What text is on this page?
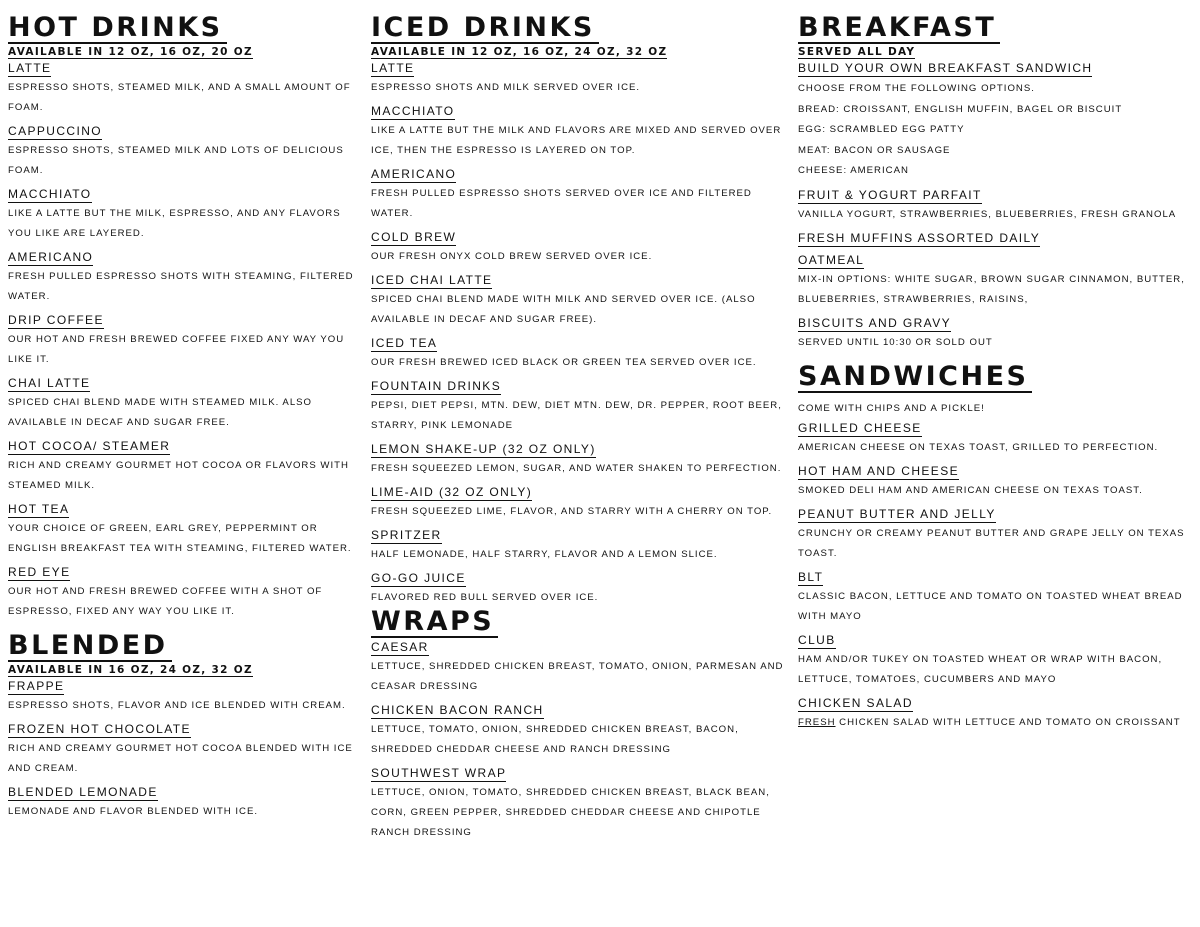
HOT DRINKS
AVAILABLE IN 12 OZ, 16 OZ, 20 OZ
LATTE
ESPRESSO SHOTS, STEAMED MILK, AND A SMALL AMOUNT OF FOAM.
CAPPUCCINO
ESPRESSO SHOTS, STEAMED MILK AND LOTS OF DELICIOUS FOAM.
MACCHIATO
LIKE A LATTE BUT THE MILK, ESPRESSO, AND ANY FLAVORS YOU LIKE ARE LAYERED.
AMERICANO
FRESH PULLED ESPRESSO SHOTS WITH STEAMING, FILTERED WATER.
DRIP COFFEE
OUR HOT AND FRESH BREWED COFFEE FIXED ANY WAY YOU LIKE IT.
CHAI LATTE
SPICED CHAI BLEND MADE WITH STEAMED MILK. ALSO AVAILABLE IN DECAF AND SUGAR FREE.
HOT COCOA/ STEAMER
RICH AND CREAMY GOURMET HOT COCOA OR FLAVORS WITH STEAMED MILK.
HOT TEA
YOUR CHOICE OF GREEN, EARL GREY, PEPPERMINT OR ENGLISH BREAKFAST TEA WITH STEAMING, FILTERED WATER.
RED EYE
OUR HOT AND FRESH BREWED COFFEE WITH A SHOT OF ESPRESSO, FIXED ANY WAY YOU LIKE IT.
BLENDED
AVAILABLE IN 16 OZ, 24 OZ, 32 OZ
FRAPPE
ESPRESSO SHOTS, FLAVOR AND ICE BLENDED WITH CREAM.
FROZEN HOT CHOCOLATE
RICH AND CREAMY GOURMET HOT COCOA BLENDED WITH ICE AND CREAM.
BLENDED LEMONADE
LEMONADE AND FLAVOR BLENDED WITH ICE.
ICED DRINKS
AVAILABLE IN 12 OZ, 16 OZ, 24 OZ, 32 OZ
LATTE
ESPRESSO SHOTS AND MILK SERVED OVER ICE.
MACCHIATO
LIKE A LATTE BUT THE MILK AND FLAVORS ARE MIXED AND SERVED OVER ICE, THEN THE ESPRESSO IS LAYERED ON TOP.
AMERICANO
FRESH PULLED ESPRESSO SHOTS SERVED OVER ICE AND FILTERED WATER.
COLD BREW
OUR FRESH ONYX COLD BREW SERVED OVER ICE.
ICED CHAI LATTE
SPICED CHAI BLEND MADE WITH MILK AND SERVED OVER ICE. (ALSO AVAILABLE IN DECAF AND SUGAR FREE).
ICED TEA
OUR FRESH BREWED ICED BLACK OR GREEN TEA SERVED OVER ICE.
FOUNTAIN DRINKS
PEPSI, DIET PEPSI, MTN. DEW, DIET MTN. DEW, DR. PEPPER, ROOT BEER, STARRY, PINK LEMONADE
LEMON SHAKE-UP (32 OZ ONLY)
FRESH SQUEEZED LEMON, SUGAR, AND WATER SHAKEN TO PERFECTION.
LIME-AID (32 OZ ONLY)
FRESH SQUEEZED LIME, FLAVOR, AND STARRY WITH A CHERRY ON TOP.
SPRITZER
HALF LEMONADE, HALF STARRY, FLAVOR AND A LEMON SLICE.
GO-GO JUICE
FLAVORED RED BULL SERVED OVER ICE.
WRAPS
CAESAR
LETTUCE, SHREDDED CHICKEN BREAST, TOMATO, ONION, PARMESAN AND CEASAR DRESSING
CHICKEN BACON RANCH
LETTUCE, TOMATO, ONION, SHREDDED CHICKEN BREAST, BACON, SHREDDED CHEDDAR CHEESE AND RANCH DRESSING
SOUTHWEST WRAP
LETTUCE, ONION, TOMATO, SHREDDED CHICKEN BREAST, BLACK BEAN, CORN, GREEN PEPPER, SHREDDED CHEDDAR CHEESE AND CHIPOTLE RANCH DRESSING
BREAKFAST
SERVED ALL DAY
BUILD YOUR OWN BREAKFAST SANDWICH
CHOOSE FROM THE FOLLOWING OPTIONS.
BREAD: CROISSANT, ENGLISH MUFFIN, BAGEL OR BISCUIT
EGG: SCRAMBLED EGG PATTY
MEAT: BACON OR SAUSAGE
CHEESE: AMERICAN
FRUIT & YOGURT PARFAIT
VANILLA YOGURT, STRAWBERRIES, BLUEBERRIES, FRESH GRANOLA
FRESH MUFFINS ASSORTED DAILY
OATMEAL
MIX-IN OPTIONS: WHITE SUGAR, BROWN SUGAR CINNAMON, BUTTER, BLUEBERRIES, STRAWBERRIES, RAISINS,
BISCUITS AND GRAVY
SERVED UNTIL 10:30 OR SOLD OUT
SANDWICHES
COME WITH CHIPS AND A PICKLE!
GRILLED CHEESE
AMERICAN CHEESE ON TEXAS TOAST, GRILLED TO PERFECTION.
HOT HAM AND CHEESE
SMOKED DELI HAM AND AMERICAN CHEESE ON TEXAS TOAST.
PEANUT BUTTER AND JELLY
CRUNCHY OR CREAMY PEANUT BUTTER AND GRAPE JELLY ON TEXAS TOAST.
BLT
CLASSIC BACON, LETTUCE AND TOMATO ON TOASTED WHEAT BREAD WITH MAYO
CLUB
HAM AND/OR TUKEY ON TOASTED WHEAT OR WRAP WITH BACON, LETTUCE, TOMATOES, CUCUMBERS AND MAYO
CHICKEN SALAD
FRESH CHICKEN SALAD WITH LETTUCE AND TOMATO ON CROISSANT
